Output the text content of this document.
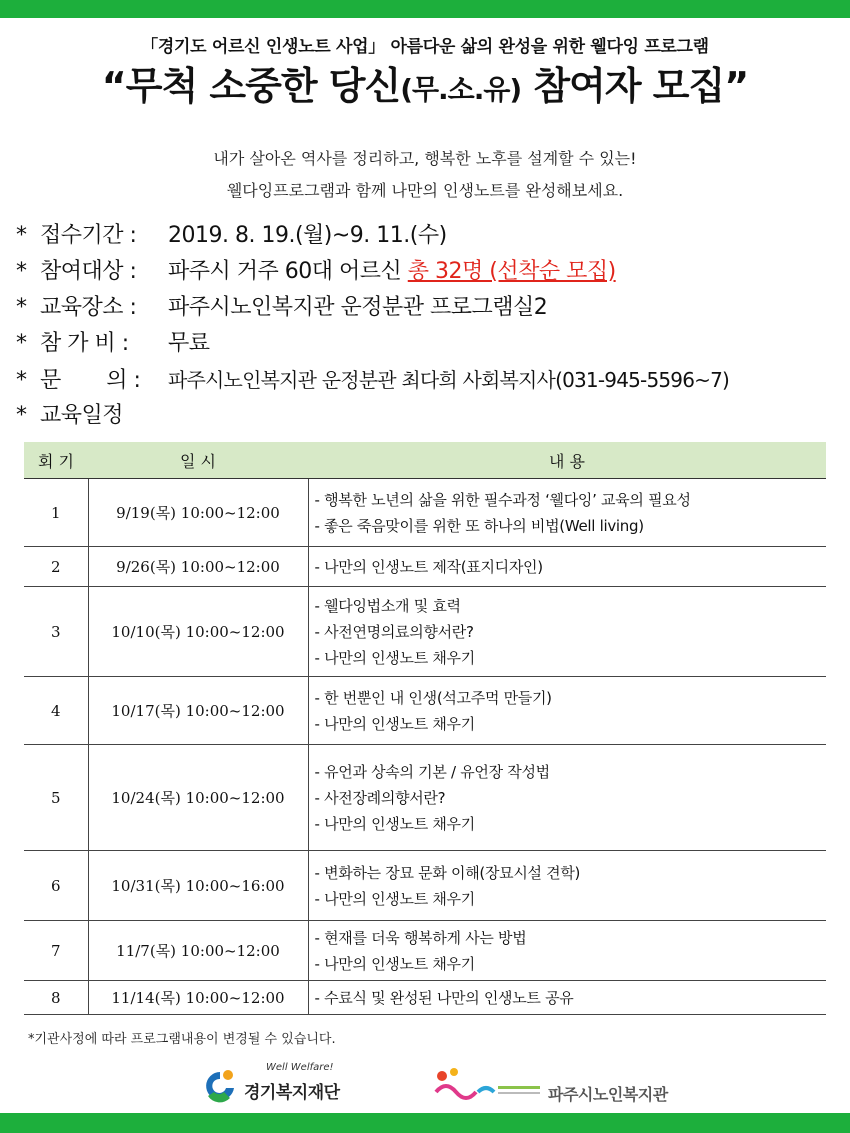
「경기도 어르신 인생노트 사업」 아름다운 삶의 완성을 위한 웰다잉 프로그램
“무척 소중한 당신(무.소.유) 참여자 모집”
내가 살아온 역사를 정리하고, 행복한 노후를 설계할 수 있는!
웰다잉프로그램과 함께 나만의 인생노트를 완성해보세요.
* 접수기간 : 2019. 8. 19.(월)~9. 11.(수)
* 참여대상 : 파주시 거주 60대 어르신 총 32명 (선착순 모집)
* 교육장소 : 파주시노인복지관 운정분관 프로그램실2
* 참 가 비 : 무료
* 문       의 : 파주시노인복지관 운정분관 최다희 사회복지사(031-945-5596~7)
* 교육일정
회 기	일 시	내 용
1	9/19(목) 10:00~12:00	- 행복한 노년의 삶을 위한 필수과정 ‘웰다잉’ 교육의 필요성
- 좋은 죽음맞이를 위한 또 하나의 비법(Well living)

2	9/26(목) 10:00~12:00	- 나만의 인생노트 제작(표지디자인)

3	10/10(목) 10:00~12:00	- 웰다잉법소개 및 효력
- 사전연명의료의향서란?
- 나만의 인생노트 채우기

4	10/17(목) 10:00~12:00	- 한 번뿐인 내 인생(석고주먹 만들기)
- 나만의 인생노트 채우기

5	10/24(목) 10:00~12:00	- 유언과 상속의 기본 / 유언장 작성법
- 사전장례의향서란?
- 나만의 인생노트 채우기

6	10/31(목) 10:00~16:00	- 변화하는 장묘 문화 이해(장묘시설 견학)
- 나만의 인생노트 채우기

7	11/7(목) 10:00~12:00	- 현재를 더욱 행복하게 사는 방법
- 나만의 인생노트 채우기

8	11/14(목) 10:00~12:00	- 수료식 및 완성된 나만의 인생노트 공유
*기관사정에 따라 프로그램내용이 변경될 수 있습니다.
Well Welfare!
경기복지재단	파주시노인복지관
